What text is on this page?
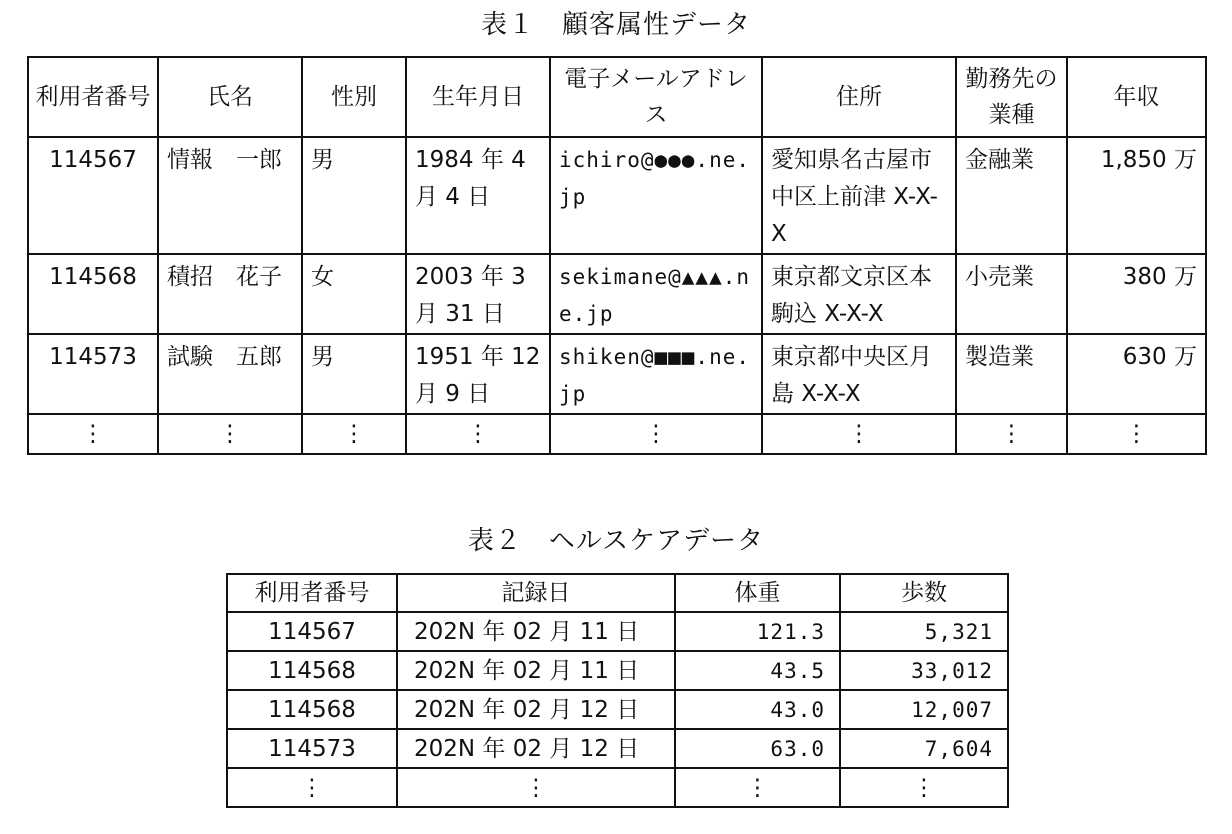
表１　顧客属性データ
利用者番号	氏名	性別	生年月日	電子メールアドレス	住所	勤務先の業種	年収
114567	情報　一郎	男	1984 年 4 月 4 日	ichiro@●●●.ne.jp	愛知県名古屋市中区上前津 X-X-X	金融業	1,850 万
114568	積招　花子	女	2003 年 3 月 31 日	sekimane@▲▲▲.ne.jp	東京都文京区本駒込 X-X-X	小売業	380 万
114573	試験　五郎	男	1951 年 12 月 9 日	shiken@■■■.ne.jp	東京都中央区月島 X-X-X	製造業	630 万
⋮	⋮	⋮	⋮	⋮	⋮	⋮	⋮
表２　ヘルスケアデータ
利用者番号	記録日	体重	歩数
114567	202N 年 02 月 11 日	121.3	5,321
114568	202N 年 02 月 11 日	43.5	33,012
114568	202N 年 02 月 12 日	43.0	12,007
114573	202N 年 02 月 12 日	63.0	7,604
⋮	⋮	⋮	⋮
